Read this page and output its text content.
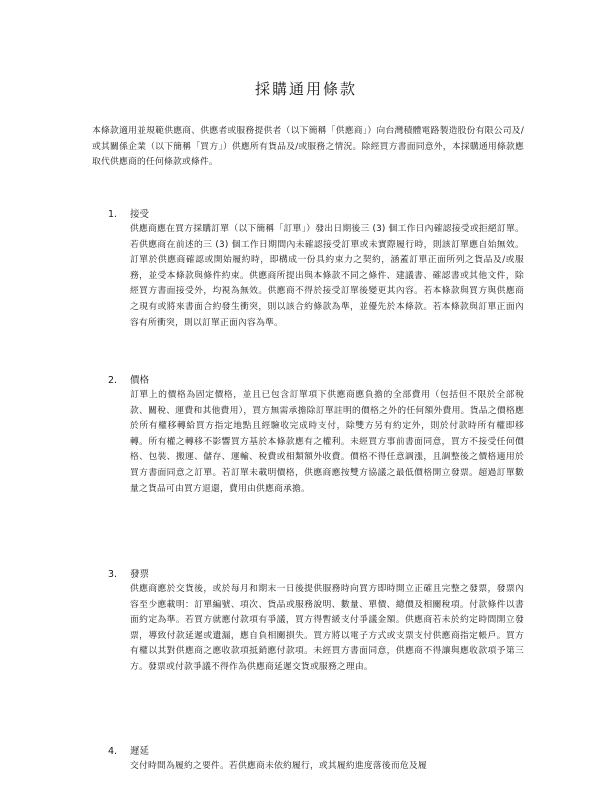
採購通用條款
本條款適用並規範供應商、供應者或服務提供者（以下簡稱「供應商」）向台灣積體電路製造股份有限公司及/或其關係企業（以下簡稱「買方」）供應所有貨品及/或服務之情況。除經買方書面同意外，本採購通用條款應取代供應商的任何條款或條件。
1.	接受
供應商應在買方採購訂單（以下簡稱「訂單」）發出日期後三 (3) 個工作日內確認接受或拒絕訂單。若供應商在前述的三 (3) 個工作日期間內未確認接受訂單或未實際履行時，則該訂單應自始無效。訂單於供應商確認或開始履約時，即構成一份具約束力之契約，涵蓋訂單正面所列之貨品及/或服務，並受本條款與條件約束。供應商所提出與本條款不同之條件、建議書、確認書或其他文件，除經買方書面接受外，均視為無效。供應商不得於接受訂單後變更其內容。若本條款與買方與供應商之現有或將來書面合約發生衝突，則以該合約條款為準，並優先於本條款。若本條款與訂單正面內容有所衝突，則以訂單正面內容為準。
2.	價格
訂單上的價格為固定價格，並且已包含訂單項下供應商應負擔的全部費用（包括但不限於全部稅款、關稅、運費和其他費用），買方無需承擔除訂單註明的價格之外的任何額外費用。貨品之價格應於所有權移轉給買方指定地點且經驗收完成時支付，除雙方另有約定外，則於付款時所有權即移轉。所有權之轉移不影響買方基於本條款應有之權利。未經買方事前書面同意，買方不接受任何價格、包裝、搬運、儲存、運輸、稅費或相類額外收費。價格不得任意調漲，且調整後之價格適用於買方書面同意之訂單。若訂單未載明價格，供應商應按雙方協議之最低價格開立發票。超過訂單數量之貨品可由買方退還，費用由供應商承擔。
3.	發票
供應商應於交貨後，或於每月和期末一日後提供服務時向買方即時開立正確且完整之發票，發票內容至少應載明：訂單編號、項次、貨品或服務說明、數量、單價、總價及相關稅項。付款條件以書面約定為準。若買方就應付款項有爭議，買方得暫緩支付爭議金額。供應商若未於約定時間開立發票，導致付款延遲或遺漏，應自負相關損失。買方將以電子方式或支票支付供應商指定帳戶。買方有權以其對供應商之應收款項抵銷應付款項。未經買方書面同意，供應商不得讓與應收款項予第三方。發票或付款爭議不得作為供應商延遲交貨或服務之理由。
4.	遲延
交付時間為履約之要件。若供應商未依約履行，或其履約進度落後而危及履
